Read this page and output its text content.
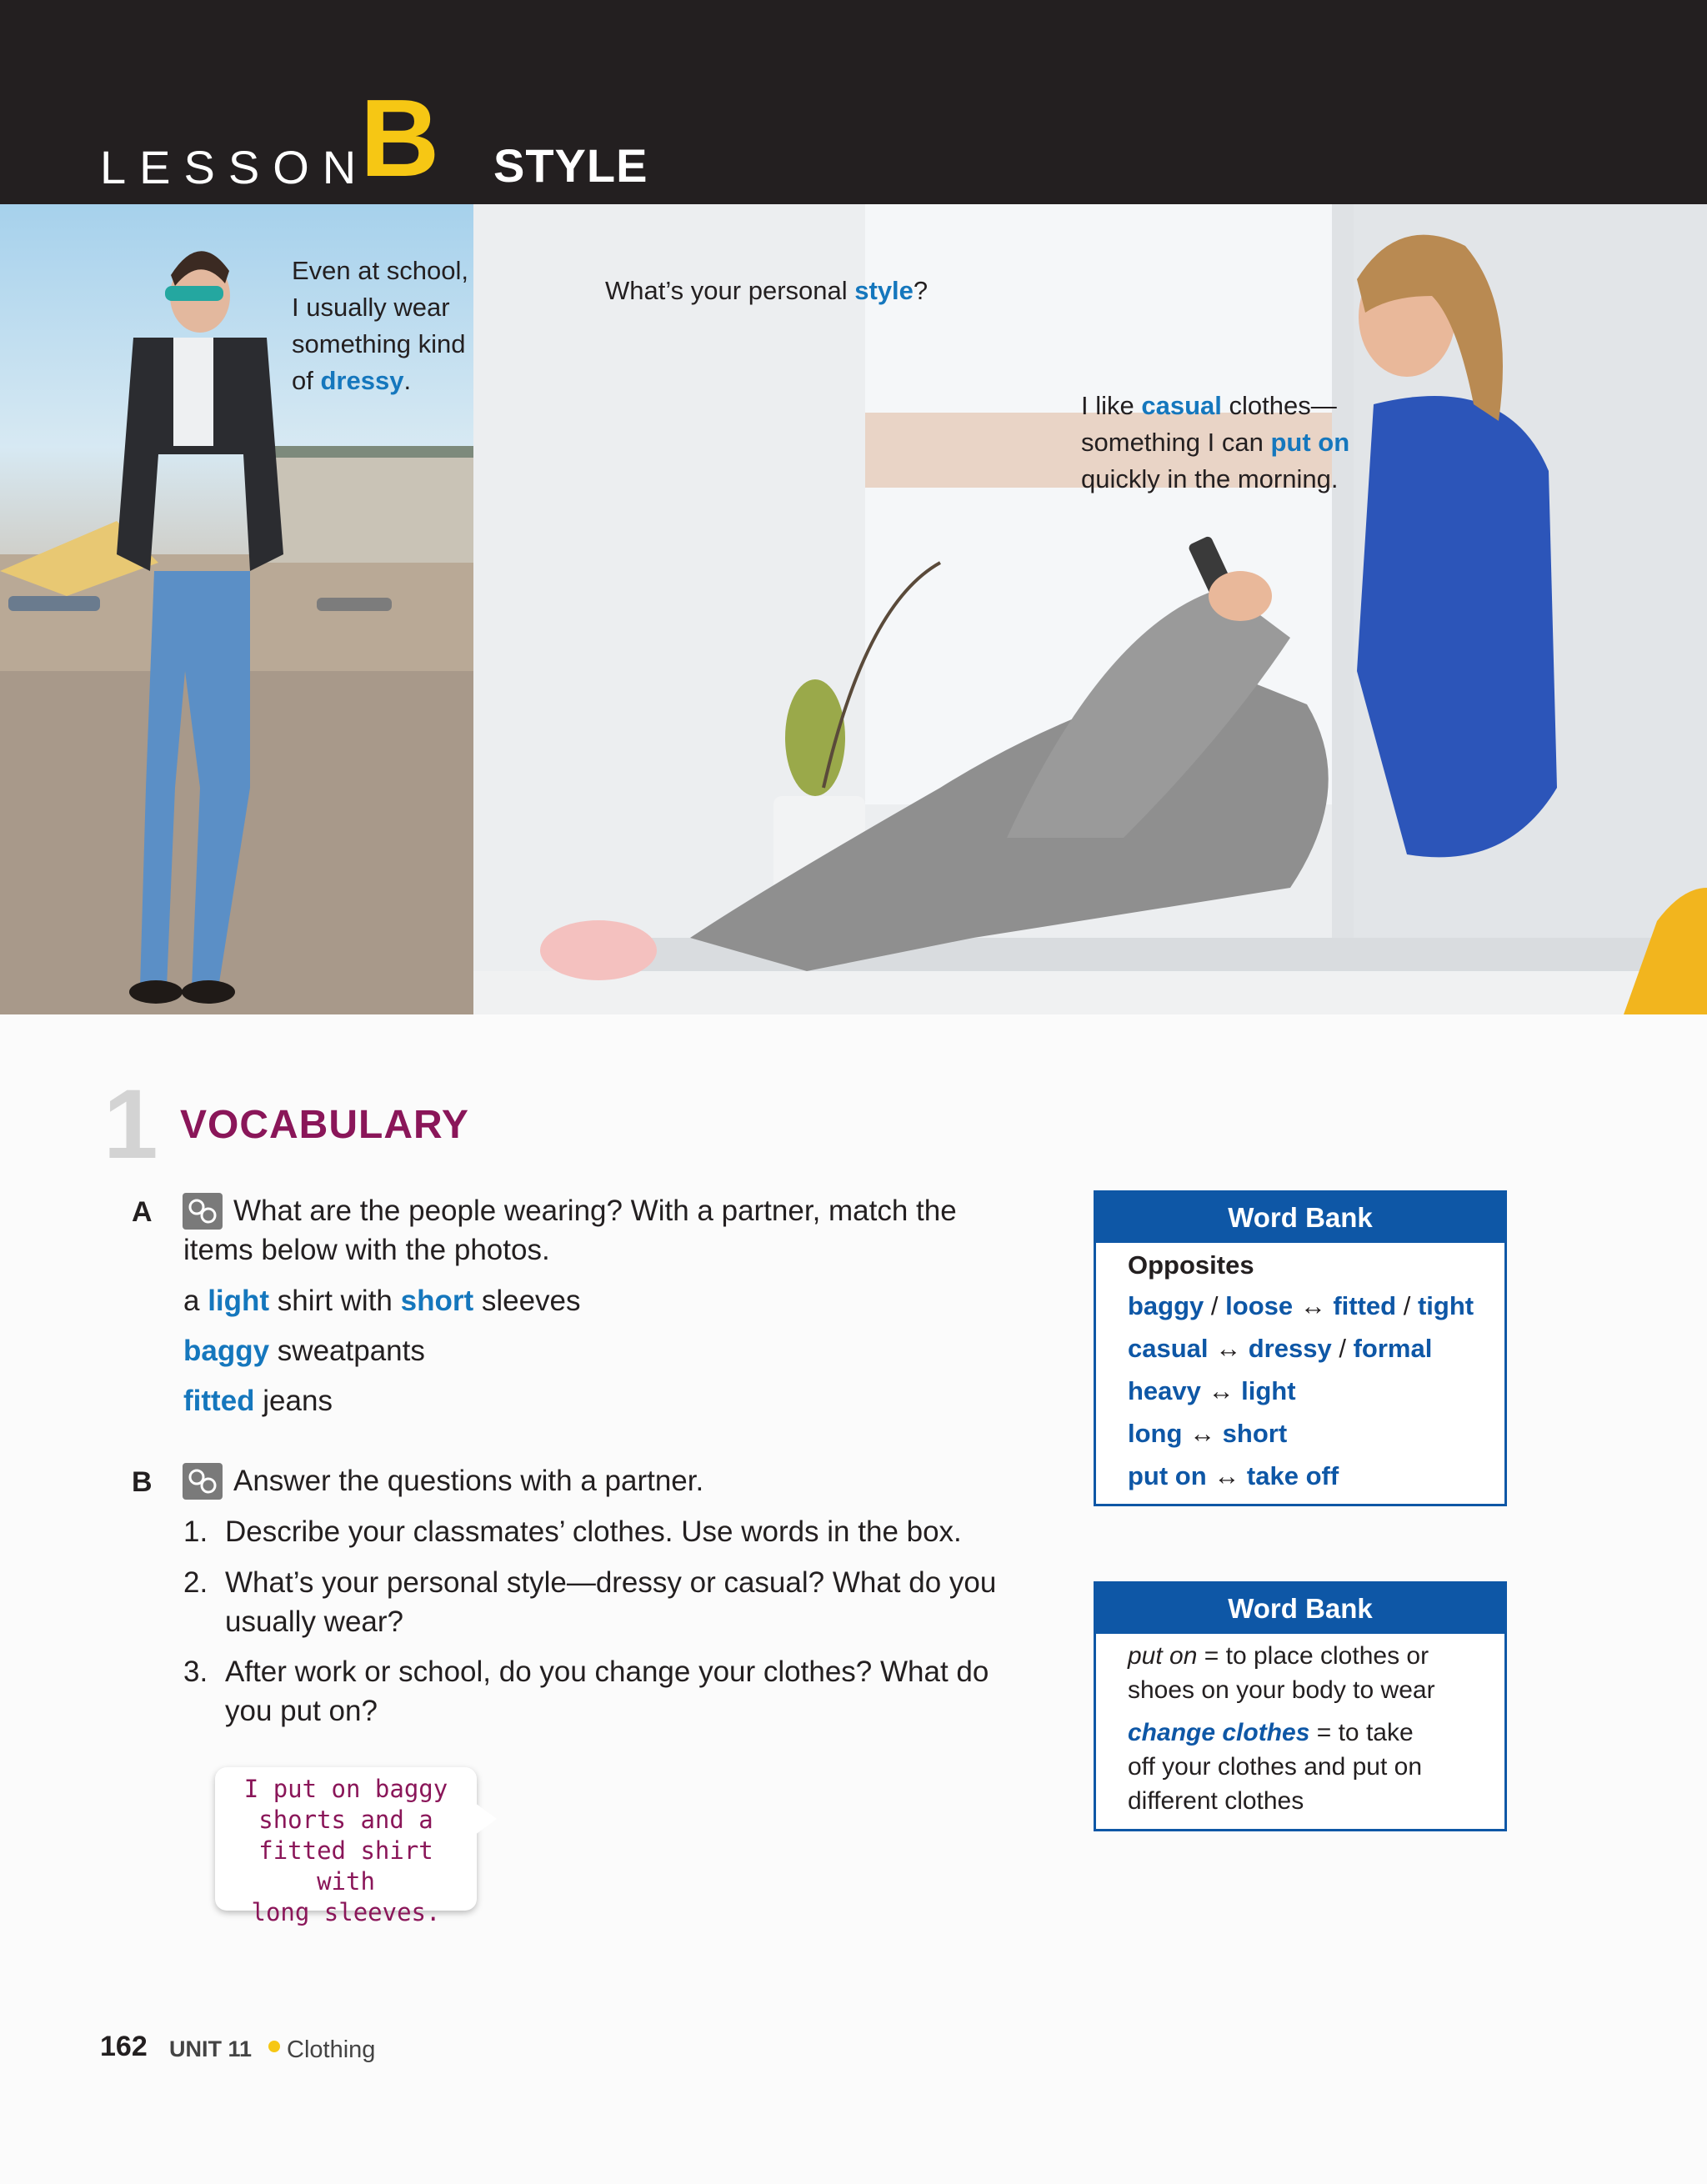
LESSON
B STYLE
Even at school,
I usually wear
something kind
of dressy.
What’s your personal style?
I like casual clothes—
something I can put on
quickly in the morning.
1 VOCABULARY
A	What are the people wearing? With a partner, match the
items below with the photos.
a light shirt with short sleeves
baggy sweatpants
fitted jeans
B	Answer the questions with a partner.
1. Describe your classmates’ clothes. Use words in the box.
2. What’s your personal style—dressy or casual? What do you
usually wear?
3. After work or school, do you change your clothes? What do
you put on?
I put on baggy
shorts and a
fitted shirt with
long sleeves.
Word Bank
Opposites
baggy / loose ↔ fitted / tight
casual ↔ dressy / formal
heavy ↔ light
long ↔ short
put on ↔ take off
Word Bank
put on = to place clothes or
shoes on your body to wear
change clothes = to take
off your clothes and put on
different clothes
162 UNIT 11 Clothing
